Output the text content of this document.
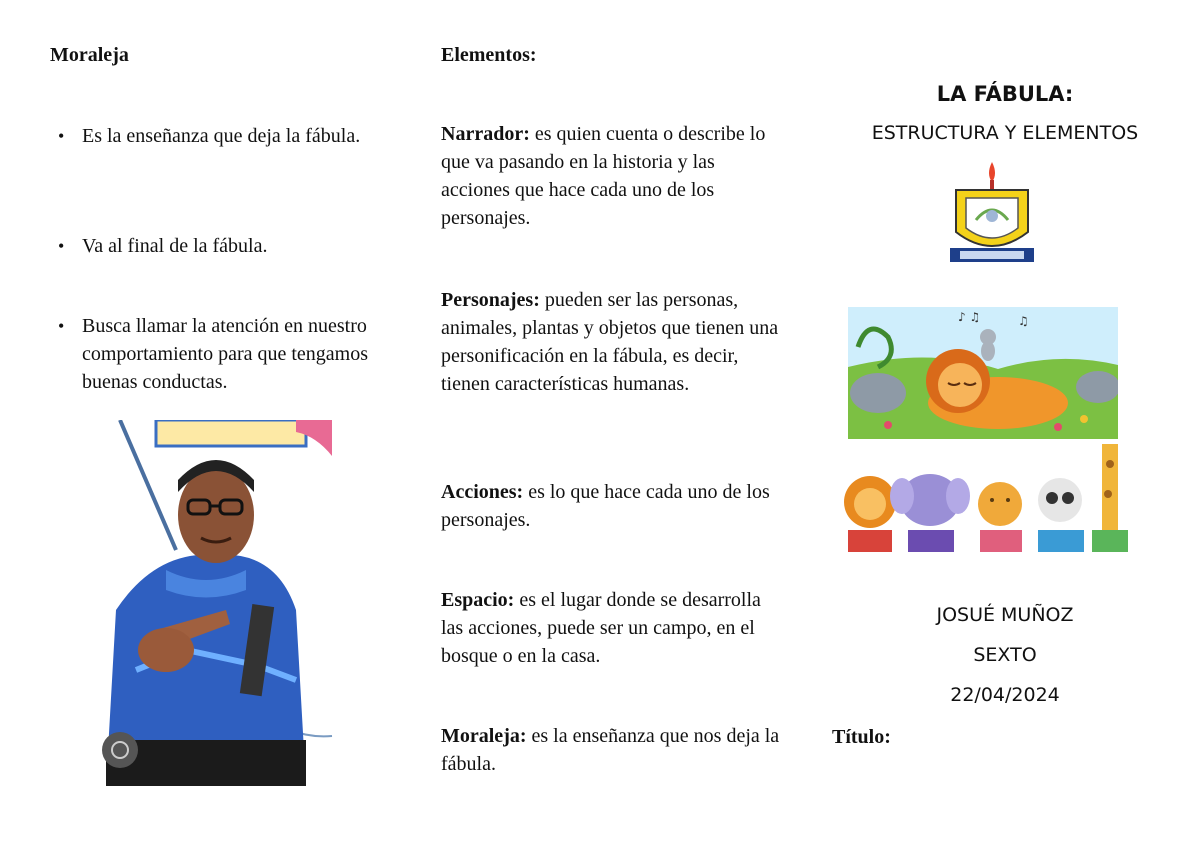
Moraleja
• Es la enseñanza que deja la fábula.
• Va al final de la fábula.
• Busca llamar la atención en nuestro comportamiento para que tengamos buenas conductas.
Elementos:
Narrador: es quien cuenta o describe lo que va pasando en la historia y las acciones que hace cada uno de los personajes.
Personajes: pueden ser las personas, animales, plantas y objetos que tienen una personificación en la fábula, es decir, tienen características humanas.
Acciones: es lo que hace cada uno de los personajes.
Espacio: es el lugar donde se desarrolla las acciones, puede ser un campo, en el bosque o en la casa.
Moraleja: es la enseñanza que nos deja la fábula.
LA FÁBULA:
ESTRUCTURA Y ELEMENTOS
♪ ♫	♫
JOSUÉ MUÑOZ
SEXTO
22/04/2024
Título:
